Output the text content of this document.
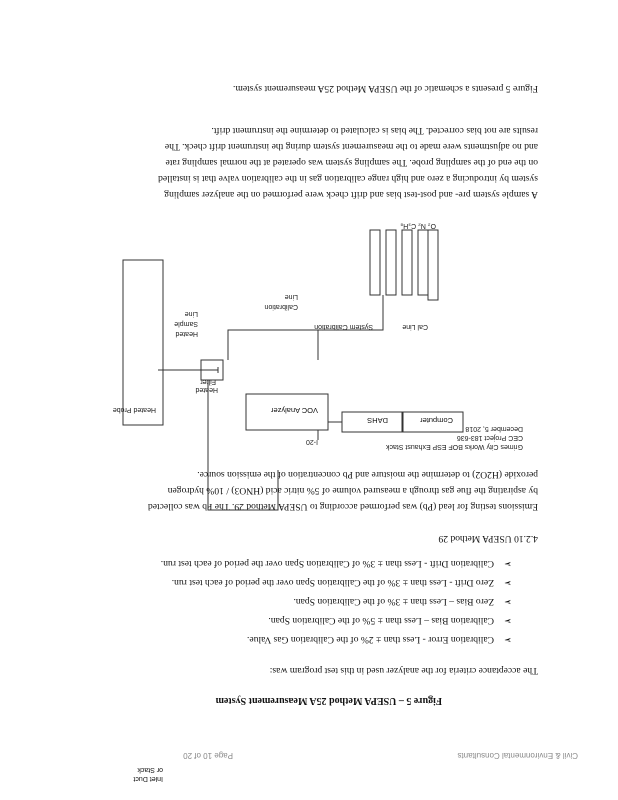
Civil & Environmental Consultants
Page 10 of 20
or Stack
Inlet Duct
Figure 5 – USEPA Method 25A Measurement System
The acceptance criteria for the analyzer used in this test program was:
➢
Calibration Error - Less than ± 2% of the Calibration Gas Value.
➢
Calibration Bias – Less than ± 5% of the Calibration Span.
➢
Zero Bias – Less than ± 3% of the Calibration Span.
➢
Zero Drift - Less than ± 3% of the Calibration Span over the period of each test run.
➢
Calibration Drift - Less than ± 3% of Calibration Span over the period of each test run.
4.2.10 USEPA Method 29
Emissions testing for lead (Pb) was performed according to USEPA Method 29. The Pb was collected
by aspirating the flue gas through a measured volume of 5% nitric acid (HNO3) / 10% hydrogen
peroxide (H2O2) to determine the moisture and Pb concentration of the emission source.
Heated Probe
Heated
Filter
Heated
Sample
Line
Calibration
Line
VOC Analyzer
System Calibration	Cal Line
DAHS	Computer
O₂ N₂ C₃H₈
Grimes City Works BOF ESP Exhaust Stack
CEC Project 183-636
December 5, 2018
I-20
A sample system pre- and post-test bias and drift check were performed on the analyzer sampling
system by introducing a zero and high range calibration gas in the calibration valve that is installed
on the end of the sampling probe. The sampling system was operated at the normal sampling rate
and no adjustments were made to the measurement system during the instrument drift check. The
results are not bias corrected. The bias is calculated to determine the instrument drift.
Figure 5 presents a schematic of the USEPA Method 25A measurement system.
